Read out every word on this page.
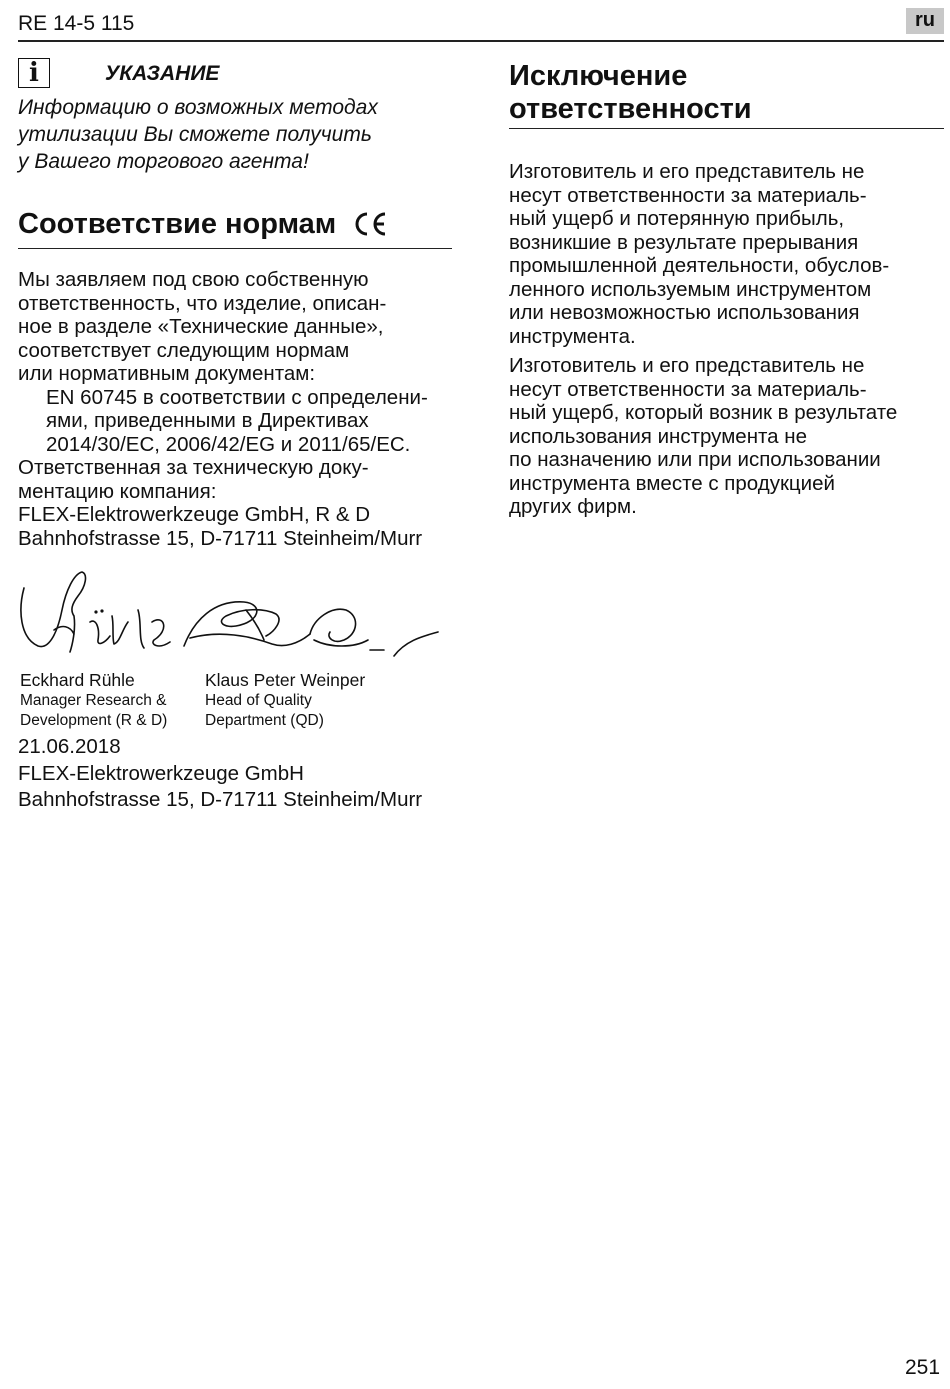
RE 14-5 115	ru
i	УКАЗАНИЕ
Информацию о возможных методах
утилизации Вы сможете получить
у Вашего торгового агента!
Соответствие нормам
Мы заявляем под свою собственную
ответственность, что изделие, описан-
ное в разделе «Технические данные»,
соответствует следующим нормам
или нормативным документам:
EN 60745 в соответствии с определени-
ями, приведенными в Директивах
2014/30/EC, 2006/42/EG и 2011/65/EC.
Ответственная за техническую доку-
ментацию компания:
FLEX-Elektrowerkzeuge GmbH, R & D
Bahnhofstrasse 15, D-71711 Steinheim/Murr
Eckhard Rühle
Manager Research &
Development (R & D)
Klaus Peter Weinper
Head of Quality
Department (QD)
21.06.2018
FLEX-Elektrowerkzeuge GmbH
Bahnhofstrasse 15, D-71711 Steinheim/Murr
Исключение
ответственности
Изготовитель и его представитель не
несут ответственности за материаль-
ный ущерб и потерянную прибыль,
возникшие в результате прерывания
промышленной деятельности, обуслов-
ленного используемым инструментом
или невозможностью использования
инструмента.
Изготовитель и его представитель не
несут ответственности за материаль-
ный ущерб, который возник в результате
использования инструмента не
по назначению или при использовании
инструмента вместе с продукцией
других фирм.
251
